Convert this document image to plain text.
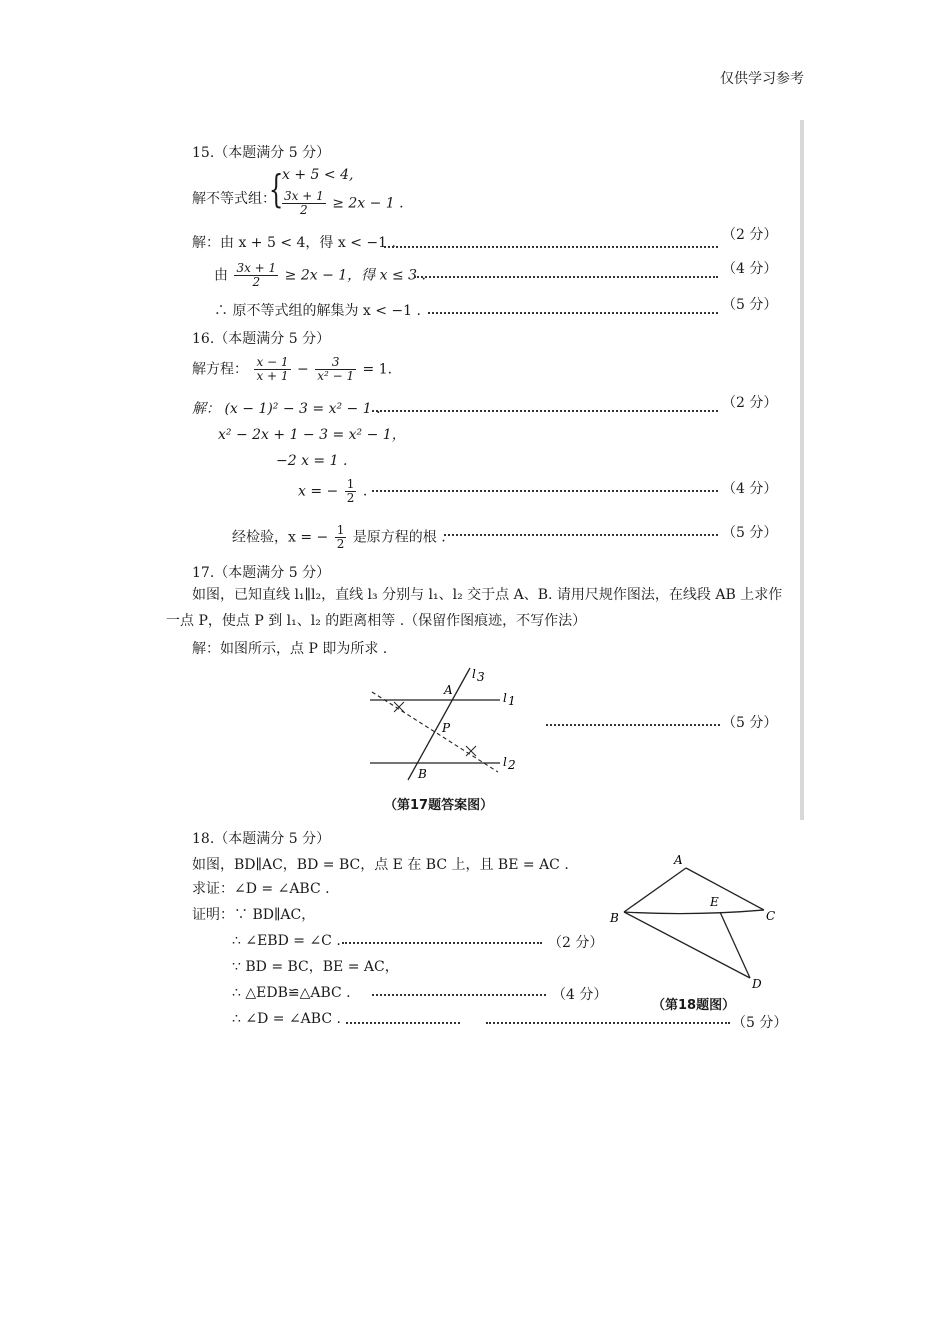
仅供学习参考
15.（本题满分 5 分）
解不等式组：
{
x + 5 < 4,
$\frac{3x + 1}{2} \ge 2x - 1$ .
解：由 x + 5 < 4，得 x < −1 .	（2 分）
由 $\frac{3x + 1}{2} \ge 2x - 1$，得 x ≤ 3 .	（4 分）
∴ 原不等式组的解集为 x < −1 .	（5 分）
16.（本题满分 5 分）
解方程： $\frac{x - 1}{x + 1} - \frac{3}{\text{x² − 1}} = 1$.
解： (x − 1)² − 3 = x² − 1 .	（2 分）
x² − 2x + 1 − 3 = x² − 1，
−2 x = 1 .
x = − $\frac{1}{2}$ .	（4 分）
经检验，x = − $\frac{1}{2}$ 是原方程的根 .	（5 分）
17.（本题满分 5 分）
如图，已知直线 l₁∥l₂，直线 l₃ 分别与 l₁、l₂ 交于点 A、B. 请用尺规作图法，在线段 AB 上求作
一点 P，使点 P 到 l₁、l₂ 的距离相等 .（保留作图痕迹，不写作法）
解：如图所示，点 P 即为所求 .
l 3
A
l 1
P
l 2
B
（5 分）
（第17题答案图）
18.（本题满分 5 分）
如图，BD∥AC，BD = BC，点 E 在 BC 上，且 BE = AC .
求证：∠D = ∠ABC .
证明：∵ BD∥AC，
∴ ∠EBD = ∠C .	（2 分）
∵ BD = BC，BE = AC，
∴ △EDB≌△ABC .	（4 分）
∴ ∠D = ∠ABC .	（5 分）
A
B
E
C
D
（第18题图）
